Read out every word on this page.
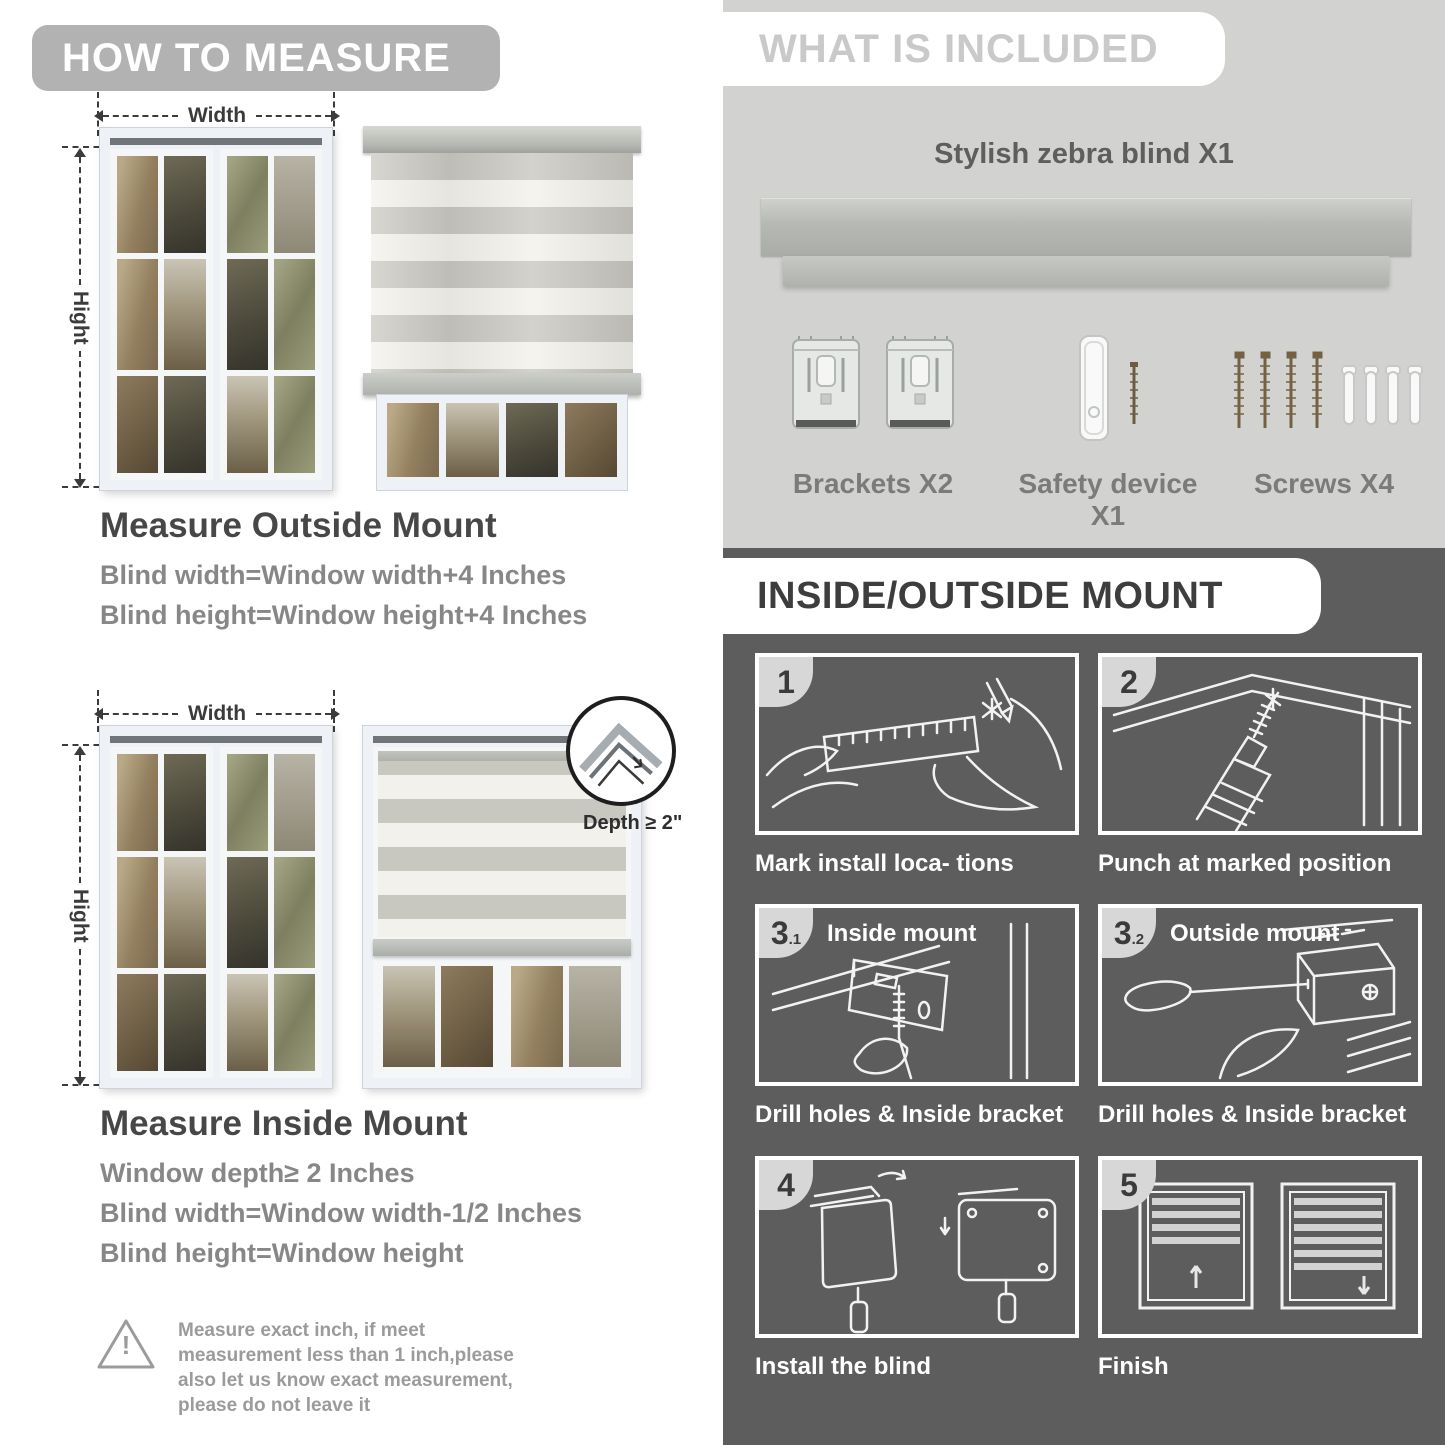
HOW TO MEASURE
Width
Hight
Measure Outside Mount
Blind width=Window width+4 Inches
Blind height=Window height+4 Inches
Width
Hight
Depth ≥ 2"
Measure Inside Mount
Window depth≥ 2 Inches
Blind width=Window width-1/2 Inches
Blind height=Window height
!	Measure exact inch, if meet measurement less than 1 inch,please also let us know exact measurement, please do not leave it
WHAT IS INCLUDED
Stylish zebra blind X1
Brackets X2	Safety device X1
Screws X4
INSIDE/OUTSIDE MOUNT
1
Mark install loca- tions
2
Punch at marked position
3 .1 Inside mount
Drill holes & Inside bracket
3 .2 Outside mount
Drill holes & Inside bracket
4
Install the blind
5
Finish
